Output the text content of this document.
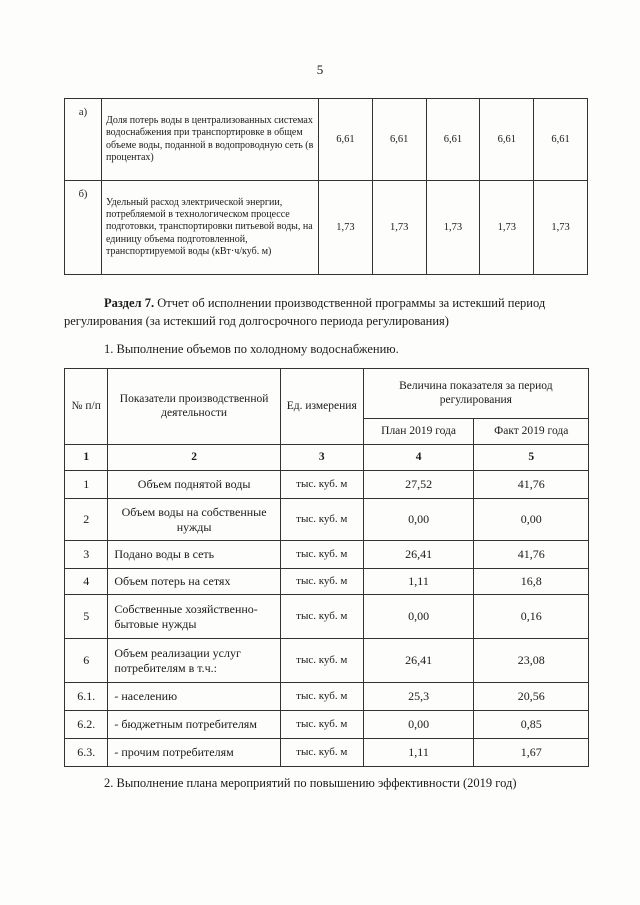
5
а)	Доля потерь воды в централизованных системах водоснабжения при транспортировке в общем объеме воды, поданной в водопроводную сеть (в процентах)	6,61	6,61	6,61	6,61	6,61
б)	Удельный расход электрической энергии, потребляемой в технологическом процессе подготовки, транспортировки питьевой воды, на единицу объема подготовленной, транспортируемой воды (кВт·ч/куб. м)	1,73	1,73	1,73	1,73	1,73
Раздел 7. Отчет об исполнении производственной программы за истекший период регулирования (за истекший год долгосрочного периода регулирования)
1. Выполнение объемов по холодному водоснабжению.
№ п/п	Показатели производственной деятельности	Ед. измерения	Величина показателя за период регулирования	
			План 2019 года	Факт 2019 года
1	2	3	4	5
1	Объем поднятой воды	тыс. куб. м	27,52	41,76
2	Объем воды на собственные нужды	тыс. куб. м	0,00	0,00
3	Подано воды в сеть	тыс. куб. м	26,41	41,76
4	Объем потерь на сетях	тыс. куб. м	1,11	16,8
5	Собственные хозяйственно-бытовые нужды	тыс. куб. м	0,00	0,16
6	Объем реализации услуг потребителям в т.ч.:	тыс. куб. м	26,41	23,08
6.1.	- населению	тыс. куб. м	25,3	20,56
6.2.	- бюджетным потребителям	тыс. куб. м	0,00	0,85
6.3.	- прочим потребителям	тыс. куб. м	1,11	1,67
2. Выполнение плана мероприятий по повышению эффективности (2019 год)
